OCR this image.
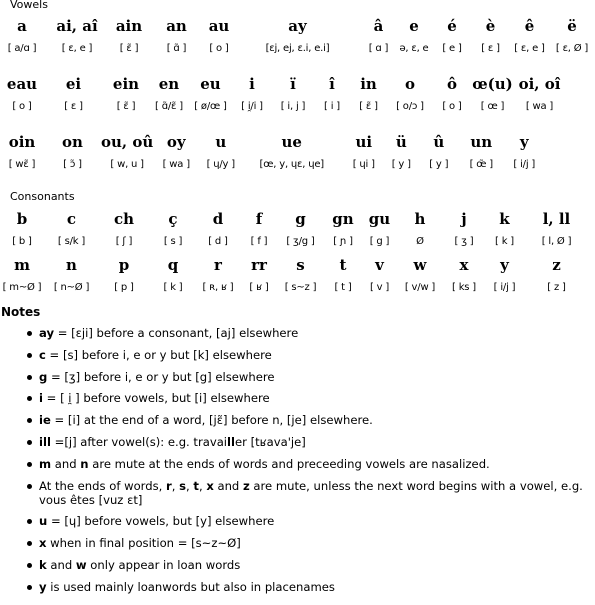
Vowels
a	ai, aî	ain	an	au	ay	â	e	é	è	ê	ë
[ a/ɑ ]	[ ɛ, e ]	[ ɛ̃ ]	[ ɑ̃ ]	[ o ]	[ɛj, ej, ɛ.i, e.i]	[ ɑ ]	ə, ɛ, e	[ e ]	[ ɛ ]	[ ɛ, e ]	[ ɛ, Ø ]
eau	ei	ein	en	eu	i	ï	î	in	o	ô	œ(u)	oi, oî
[ o ]	[ ɛ ]	[ ɛ̃ ]	[ ɑ̃/ɛ̃ ]	[ ø/œ ]	[ i̯/i ]	[ i, j ]	[ i ]	[ ɛ̃ ]	[ o/ɔ ]	[ o ]	[ œ ]	[ wa ]
oin	on	ou, oû	oy	u	ue	ui	ü	û	un	y
[ wɛ̃ ]	[ ɔ̃ ]	[ w, u ]	[ wa ]	[ ɥ/y ]	[œ, y, ɥɛ, ɥe]	[ ɥi ]	[ y ]	[ y ]	[ œ̃ ]	[ i/j ]
Consonants
b	c	ch	ç	d	f	g	gn	gu	h	j	k	l, ll
[ b ]	[ s/k ]	[ ʃ ]	[ s ]	[ d ]	[ f ]	[ ʒ/g ]	[ ɲ ]	[ g ]	Ø	[ ʒ ]	[ k ]	[ l, Ø ]
m	n	p	q	r	rr	s	t	v	w	x	y	z
[ m~Ø ]	[ n~Ø ]	[ p ]	[ k ]	[ ʀ, ʁ ]	[ ʁ ]	[ s~z ]	[ t ]	[ v ]	[ v/w ]	[ ks ]	[ i/j ]	[ z ]
Notes
ay = [ɛji] before a consonant, [aj] elsewhere
c = [s] before i, e or y but [k] elsewhere
g = [ʒ] before i, e or y but [g] elsewhere
i = [ i̯ ] before vowels, but [i] elsewhere
ie = [i] at the end of a word, [jɛ̃] before n, [je] elsewhere.
ill =[j] after vowel(s): e.g. travailler [tʁava'je]
m and n are mute at the ends of words and preceeding vowels are nasalized.
At the ends of words, r, s, t, x and z are mute, unless the next word begins with a vowel, e.g. vous êtes [vuz ɛt]
u = [ɥ] before vowels, but [y] elsewhere
x when in final position = [s~z~Ø]
k and w only appear in loan words
y is used mainly loanwords but also in placenames
